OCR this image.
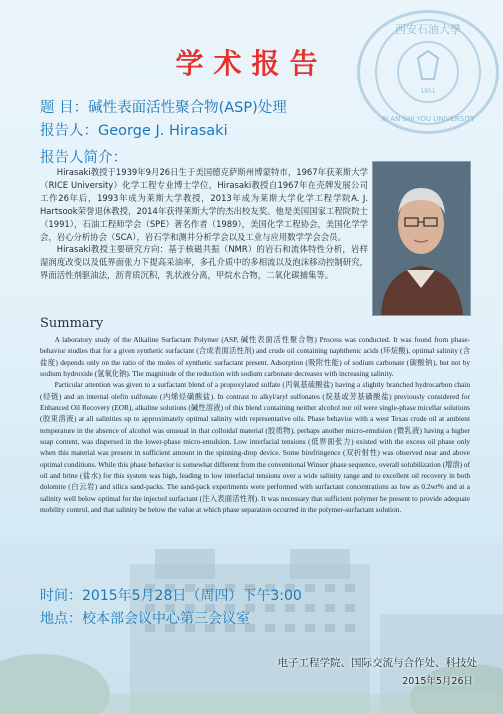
西安石油大學
XI AN SHI YOU UNIVERSITY
1951
学术报告
题 目：碱性表面活性聚合物(ASP)处理
报告人：George J. Hirasaki
报告人简介：

Hirasaki教授于1939年9月26日生于美国德克萨斯州博蒙特市，1967年获莱斯大学（RICE University）化学工程专业博士学位，Hirasaki教授自1967年在壳牌发展公司工作26年后，1993年成为莱斯大学教授，2013年成为莱斯大学化学工程学院A. J. Hartsook荣誉退休教授，2014年获得莱斯大学的杰出校友奖。他是美国国家工程院院士（1991），石油工程师学会（SPE）著名作者（1989），美国化学工程协会，美国化学学会，岩心分析协会（SCA），岩石学和测井分析学会以及工业与应用数学学会会员。

Hirasaki教授主要研究方向：基于核磁共振（NMR）的岩石和流体特性分析，岩样湿润度改变以及低界面张力下提高采油率，多孔介质中的多相流以及泡沫移动控制研究，界面活性剂驱油法，沥青质沉积，乳状液分离，甲烷水合物，二氧化碳捕集等。

Summary

A laboratory study of the Alkaline Surfactant Polymer (ASP, 碱性表面活性聚合物) Process was conducted. It was found from phase-behavior studies that for a given synthetic surfactant (合成表面活性剂) and crude oil containing naphthenic acids (环烷酸), optimal salinity (含盐度) depends only on the ratio of the moles of synthetic surfactant present. Adsorption (吸附性能) of sodium carbonate (碳酸钠), but not by sodium hydroxide (氢氧化钠). The magnitude of the reduction with sodium carbonate decreases with increasing salinity.

Particular attention was given to a surfactant blend of a propoxylated sulfate (丙氧基硫酸盐) having a slightly branched hydrocarbon chain (烃链) and an internal olefin sulfonate (内烯烃磺酸盐). In contrast to alkyl/aryl sulfonates (烷基或芳基磺酸盐) previously considered for Enhanced Oil Recovery (EOR), alkaline solutions (碱性溶液) of this blend containing neither alcohol nor oil were single-phase micellar solutions (胶束溶液) at all salinities up to approximately optimal salinity with representative oils. Phase behavior with a west Texas crude oil at ambient temperature in the absence of alcohol was unusual in that colloidal material (胶质物), perhaps another micro-emulsion (微乳液) having a higher soap content, was dispersed in the lower-phase micro-emulsion. Low interfacial tensions (低界面张力) existed with the excess oil phase only when this material was present in sufficient amount in the spinning-drop device. Some birefringence (双折射性) was observed near and above optimal conditions. While this phase behavior is somewhat different from the conventional Winsor phase sequence, overall solubilization (增溶) of oil and brine (盐水) for this system was high, leading to low interfacial tensions over a wide salinity range and to excellent oil recovery in both dolomite (白云岩) and silica sand-packs. The sand-pack experiments were performed with surfactant concentrations as low as 0.2wt% and at a salinity well below optimal for the injected surfactant (注入表面活性剂). It was necessary that sufficient polymer be present to provide adequate mobility control, and that salinity be below the value at which phase separation occurred in the polymer-surfactant solution.

时间：2015年5月28日（周四）下午3:00
地点：校本部会议中心第三会议室
电子工程学院、国际交流与合作处、科技处
2015年5月26日
